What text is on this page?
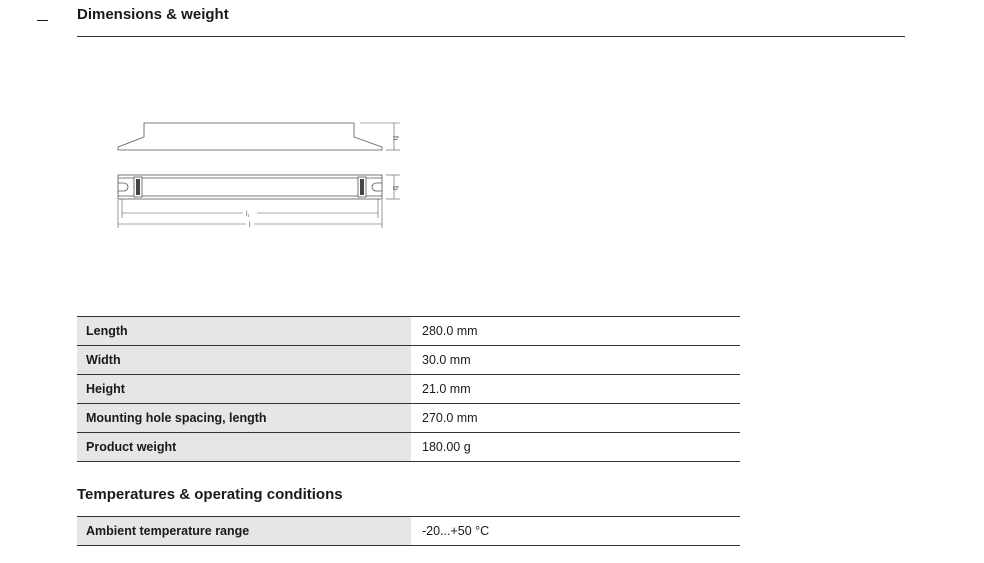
Dimensions & weight
h
b
l₁
l
Length		280.0 mm
Width		30.0 mm
Height		21.0 mm
Mounting hole spacing, length		270.0 mm
Product weight		180.00 g
Temperatures & operating conditions
Ambient temperature range		-20...+50 °C
